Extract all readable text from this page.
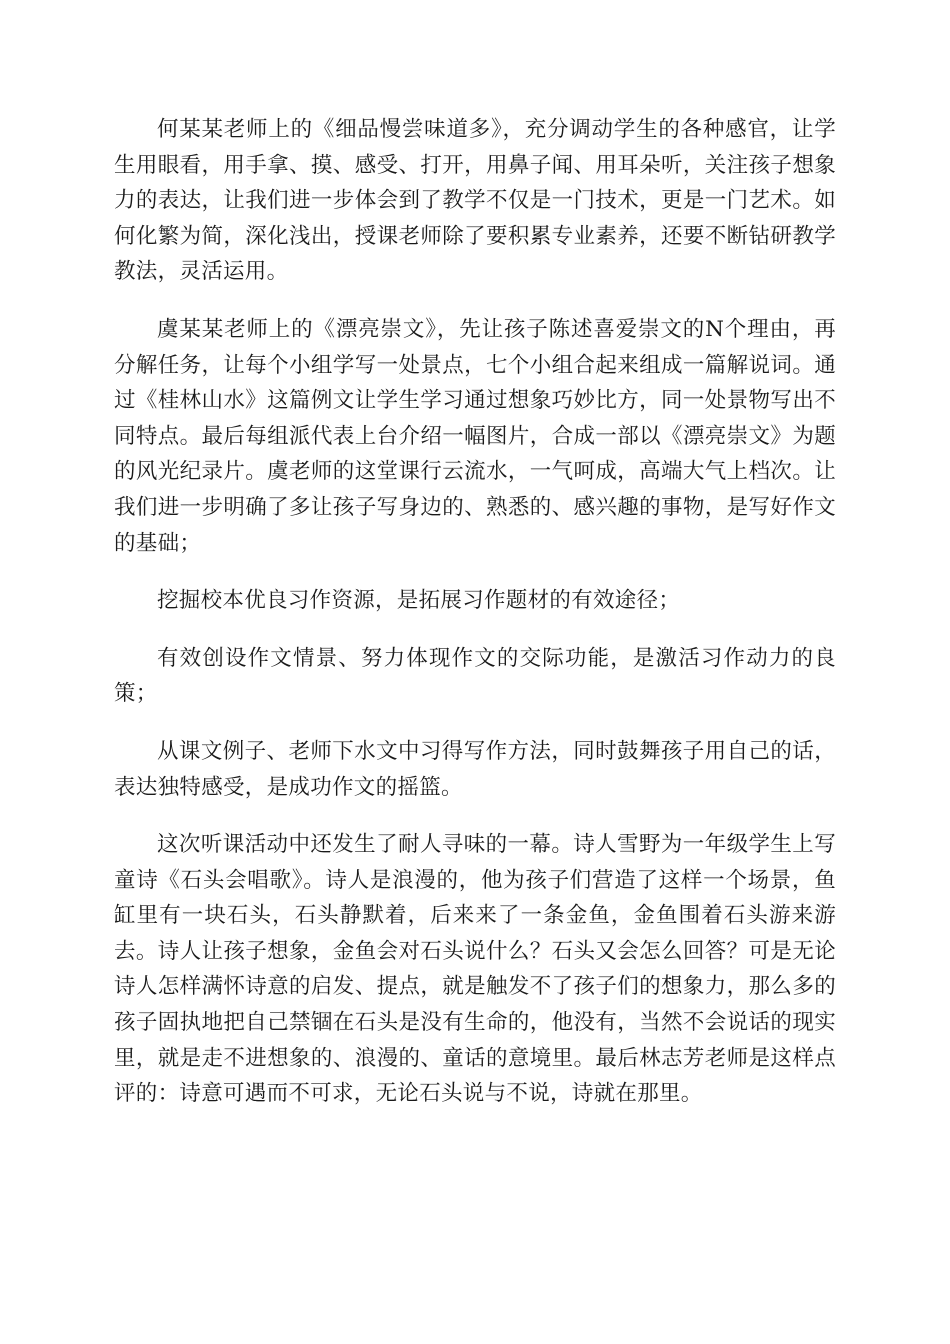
何某某老师上的《细品慢尝味道多》，充分调动学生的各种感官，让学生用眼看，用手拿、摸、感受、打开，用鼻子闻、用耳朵听，关注孩子想象力的表达，让我们进一步体会到了教学不仅是一门技术，更是一门艺术。如何化繁为简，深化浅出，授课老师除了要积累专业素养，还要不断钻研教学教法，灵活运用。

虞某某老师上的《漂亮崇文》，先让孩子陈述喜爱崇文的N个理由，再分解任务，让每个小组学写一处景点，七个小组合起来组成一篇解说词。通过《桂林山水》这篇例文让学生学习通过想象巧妙比方，同一处景物写出不同特点。最后每组派代表上台介绍一幅图片，合成一部以《漂亮崇文》为题的风光纪录片。虞老师的这堂课行云流水，一气呵成，高端大气上档次。让我们进一步明确了多让孩子写身边的、熟悉的、感兴趣的事物，是写好作文的基础；

挖掘校本优良习作资源，是拓展习作题材的有效途径；

有效创设作文情景、努力体现作文的交际功能，是激活习作动力的良策；

从课文例子、老师下水文中习得写作方法，同时鼓舞孩子用自己的话，表达独特感受，是成功作文的摇篮。

这次听课活动中还发生了耐人寻味的一幕。诗人雪野为一年级学生上写童诗《石头会唱歌》。诗人是浪漫的，他为孩子们营造了这样一个场景，鱼缸里有一块石头，石头静默着，后来来了一条金鱼，金鱼围着石头游来游去。诗人让孩子想象，金鱼会对石头说什么？石头又会怎么回答？可是无论诗人怎样满怀诗意的启发、提点，就是触发不了孩子们的想象力，那么多的孩子固执地把自己禁锢在石头是没有生命的，他没有，当然不会说话的现实里，就是走不进想象的、浪漫的、童话的意境里。最后林志芳老师是这样点评的：诗意可遇而不可求，无论石头说与不说，诗就在那里。
